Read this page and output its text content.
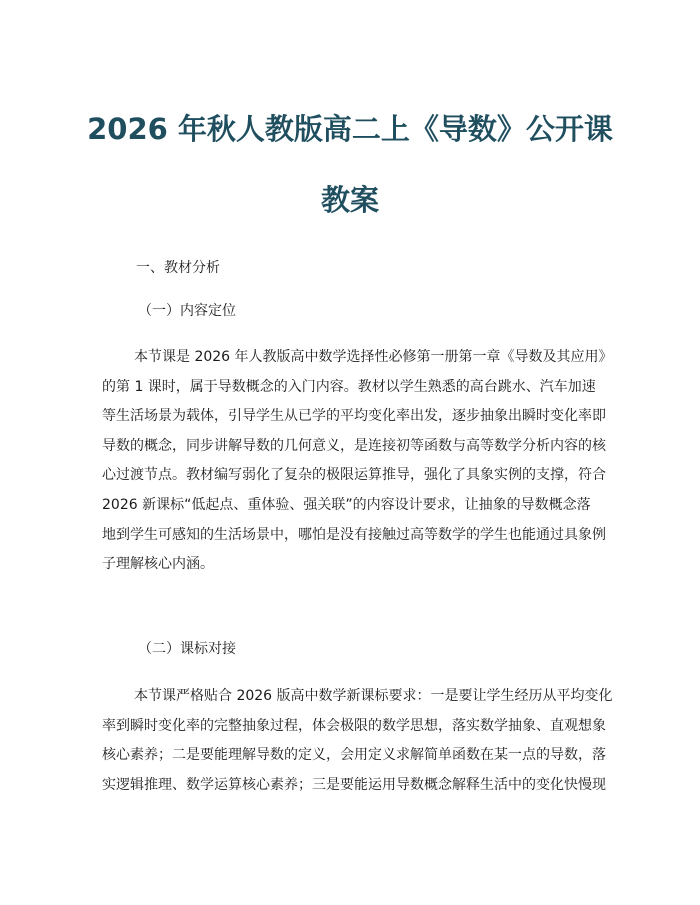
2026 年秋人教版高二上《导数》公开课
教案

一、教材分析

（一）内容定位

本节课是 2026 年人教版高中数学选择性必修第一册第一章《导数及其应用》
的第 1 课时，属于导数概念的入门内容。教材以学生熟悉的高台跳水、汽车加速
等生活场景为载体，引导学生从已学的平均变化率出发，逐步抽象出瞬时变化率即
导数的概念，同步讲解导数的几何意义，是连接初等函数与高等数学分析内容的核
心过渡节点。教材编写弱化了复杂的极限运算推导，强化了具象实例的支撑，符合
2026 新课标“低起点、重体验、强关联”的内容设计要求，让抽象的导数概念落
地到学生可感知的生活场景中，哪怕是没有接触过高等数学的学生也能通过具象例
子理解核心内涵。

（二）课标对接

本节课严格贴合 2026 版高中数学新课标要求：一是要让学生经历从平均变化
率到瞬时变化率的完整抽象过程，体会极限的数学思想，落实数学抽象、直观想象
核心素养；二是要能理解导数的定义，会用定义求解简单函数在某一点的导数，落
实逻辑推理、数学运算核心素养；三是要能运用导数概念解释生活中的变化快慢现
